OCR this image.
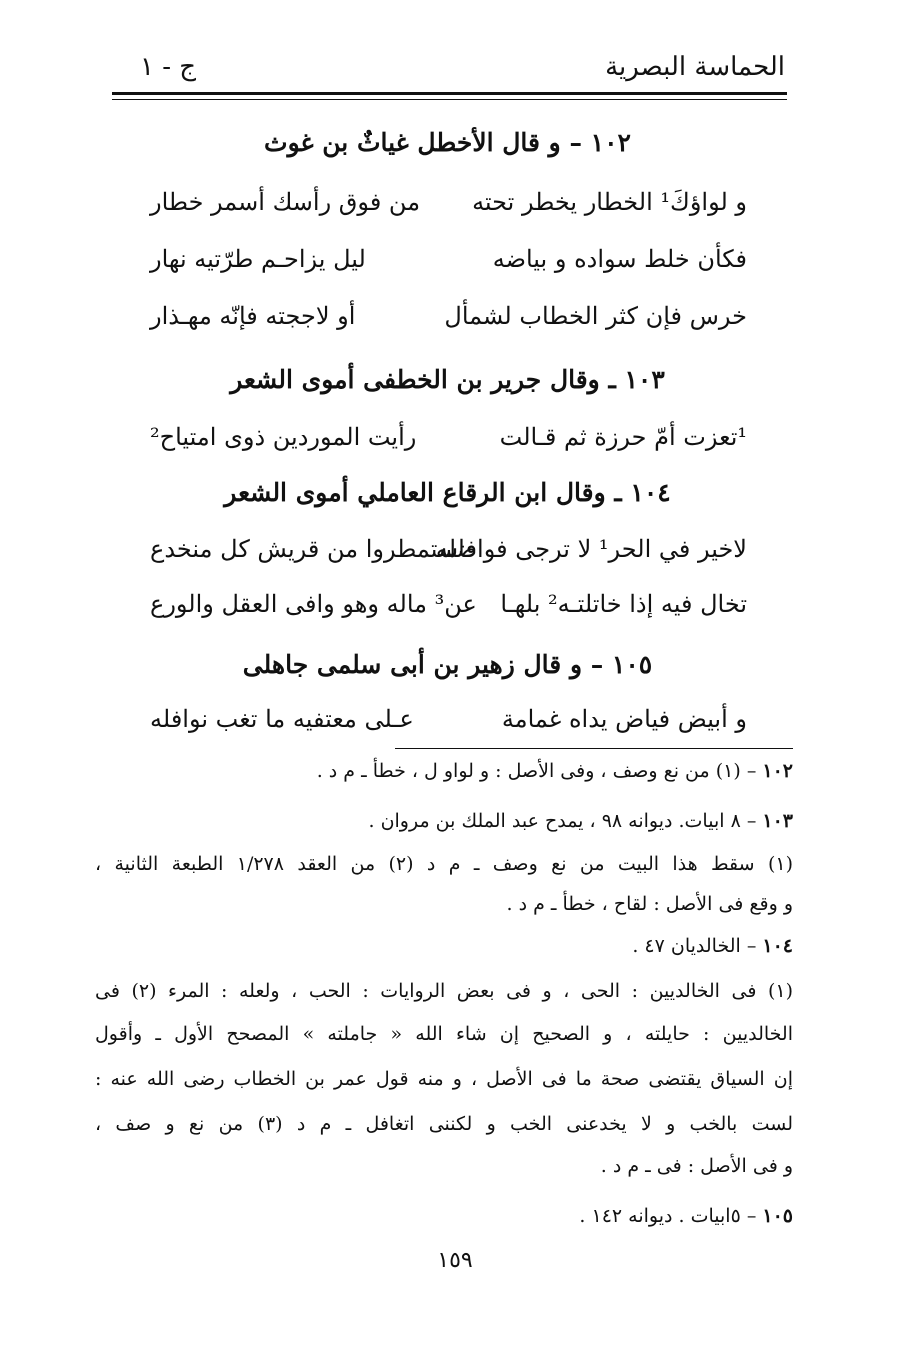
الحماسة البصرية
ج - ١
١٠٢ – و قال الأخطل غياثٌ بن غوث
و لواؤكَ¹ الخطار يخطر تحته
من فوق رأسك أسمر خطار
فكأن خلط سواده و بياضه
ليل يزاحـم طرّتيه نهار
خرس فإن كثر الخطاب لشمأل
أو لاججته فإنّه مهـذار
١٠٣ ـ وقال جرير بن الخطفى أموى الشعر
¹تعزت أمّ حرزة ثم قـالت
رأيت الموردين ذوى امتياح²
١٠٤ ـ وقال ابن الرقاع العاملي أموى الشعر
لاخير في الحر¹ لا ترجى فواضله
فاستمطروا من قريش كل منخدع
تخال فيه إذا خاتلتـه² بلهـا
عن³ ماله وهو وافى العقل والورع
١٠٥ – و قال زهير بن أبى سلمى جاهلى
و أبيض فياض يداه غمامة
عـلى معتفيه ما تغب نوافله
١٠٢ – (١) من نع وصف ، وفى الأصل : و لواو ل ، خطأ ـ م د .
١٠٣ – ٨ ابيات. ديوانه ٩٨ ، يمدح عبد الملك بن مروان .
(١) سقط هذا البيت من نع وصف ـ م د (٢) من العقد ١/٢٧٨ الطبعة الثانية ،
و وقع فى الأصل : لقاح ، خطأ ـ م د .
١٠٤ – الخالديان ٤٧ .
(١) فى الخالديين : الحى ، و فى بعض الروايات : الحب ، ولعله : المرء (٢) فى
الخالديين : حايلته ، و الصحيح إن شاء الله « جاملته » المصحح الأول ـ وأقول
إن السياق يقتضى صحة ما فى الأصل ، و منه قول عمر بن الخطاب رضى الله عنه :
لست بالخب و لا يخدعنى الخب و لكننى اتغافل ـ م د (٣) من نع و صف ،
و فى الأصل : فى ـ م د .
١٠٥ – ٥ابيات . ديوانه ١٤٢ .
١٥٩
